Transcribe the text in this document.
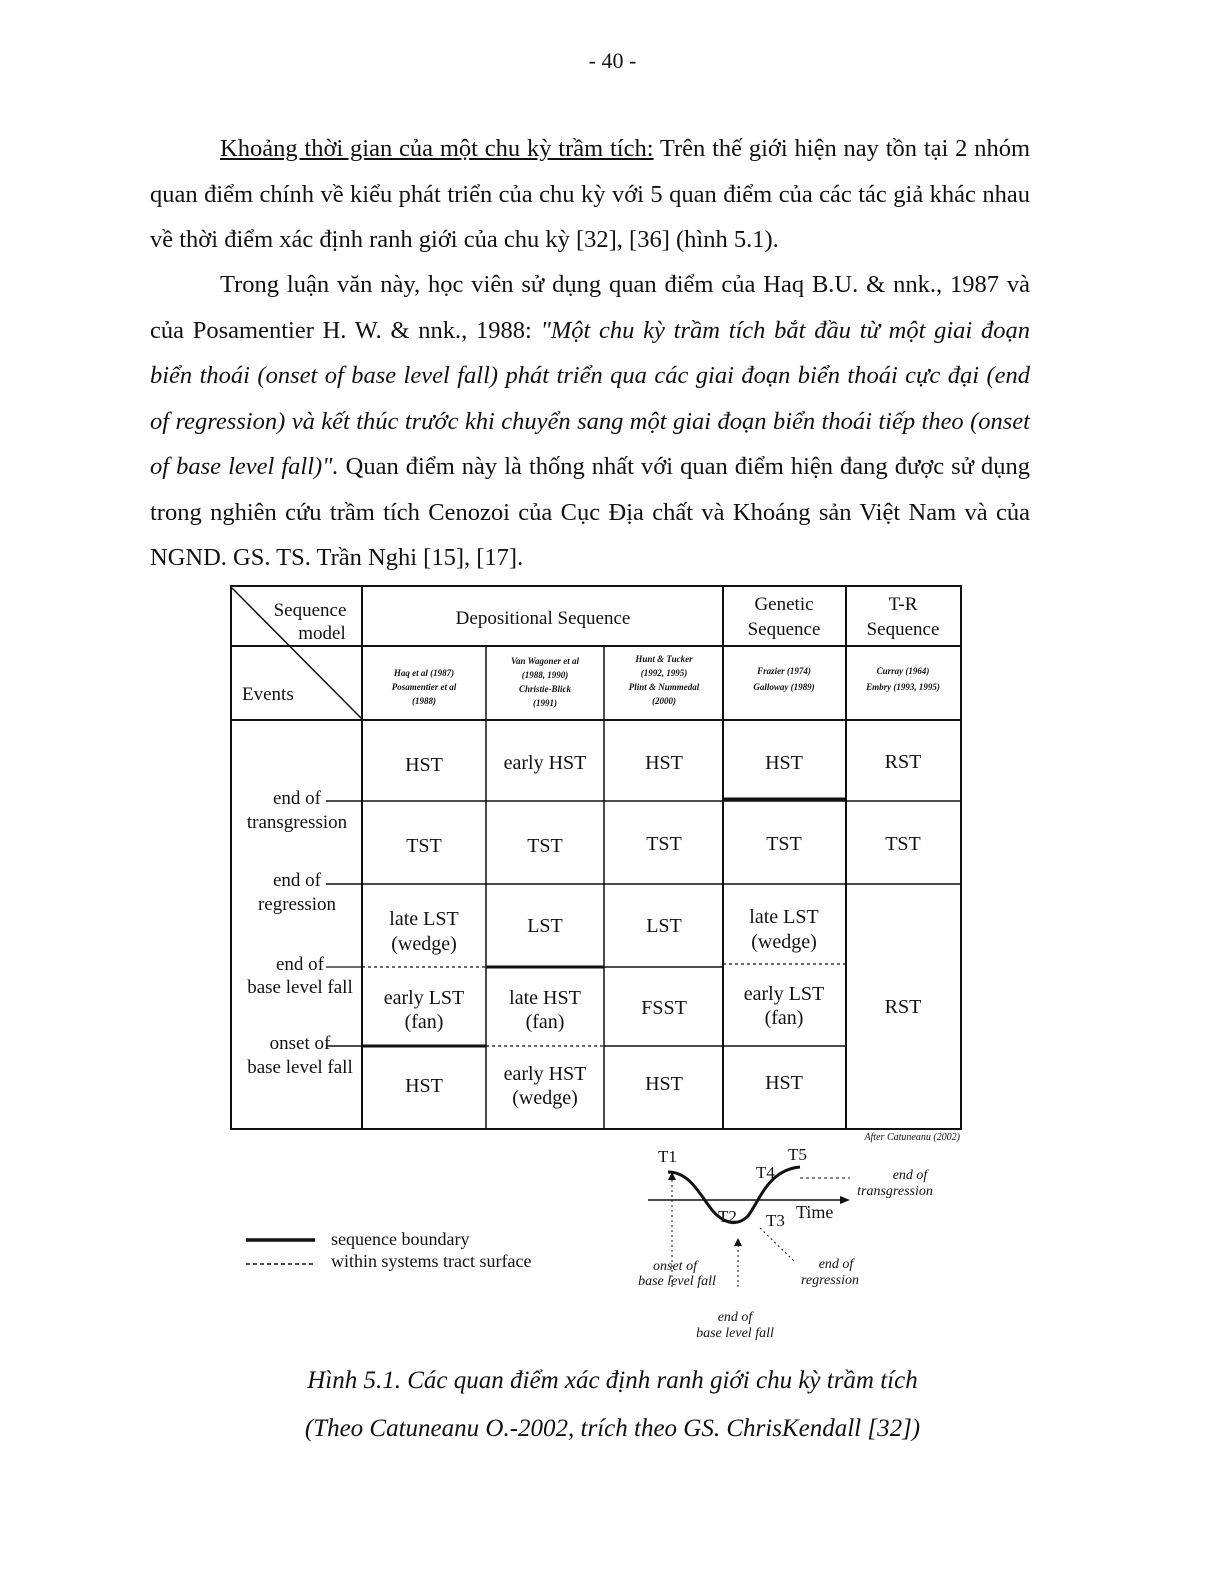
- 40 -

Khoảng thời gian của một chu kỳ trầm tích: Trên thế giới hiện nay tồn tại 2 nhóm quan điểm chính về kiểu phát triển của chu kỳ với 5 quan điểm của các tác giả khác nhau về thời điểm xác định ranh giới của chu kỳ [32], [36] (hình 5.1).

Trong luận văn này, học viên sử dụng quan điểm của Haq B.U. & nnk., 1987 và của Posamentier H. W. & nnk., 1988: "Một chu kỳ trầm tích bắt đầu từ một giai đoạn biển thoái (onset of base level fall) phát triển qua các giai đoạn biển thoái cực đại (end of regression) và kết thúc trước khi chuyển sang một giai đoạn biển thoái tiếp theo (onset of base level fall)". Quan điểm này là thống nhất với quan điểm hiện đang được sử dụng trong nghiên cứu trầm tích Cenozoi của Cục Địa chất và Khoáng sản Việt Nam và của NGND. GS. TS. Trần Nghi [15], [17].

Sequence
model
Events
Depositional Sequence
Genetic
Sequence
T-R
Sequence
Haq et al (1987)
Posamentier et al
(1988)
Van Wagoner et al
(1988, 1990)
Christie-Blick
(1991)
Hunt & Tucker
(1992, 1995)
Plint & Nummedal
(2000)
Frazier (1974)
Galloway (1989)
Curray (1964)
Embry (1993, 1995)
end of
transgression
end of
regression
end of
base level fall
onset of
base level fall
HST
TST
late LST
(wedge)
early LST
(fan)
HST
early HST
TST
LST
late HST
(fan)
early HST
(wedge)
HST
TST
LST
FSST
HST
HST
TST
late LST
(wedge)
early LST
(fan)
HST
RST
TST
RST
After Catuneanu (2002)
sequence boundary
within systems tract surface
T1
T2 T3
T4
T5
Time
end of
transgression
onset of
base level fall
end of
regression
end of
base level fall
Hình 5.1. Các quan điểm xác định ranh giới chu kỳ trầm tích
(Theo Catuneanu O.-2002, trích theo GS. ChrisKendall [32])
